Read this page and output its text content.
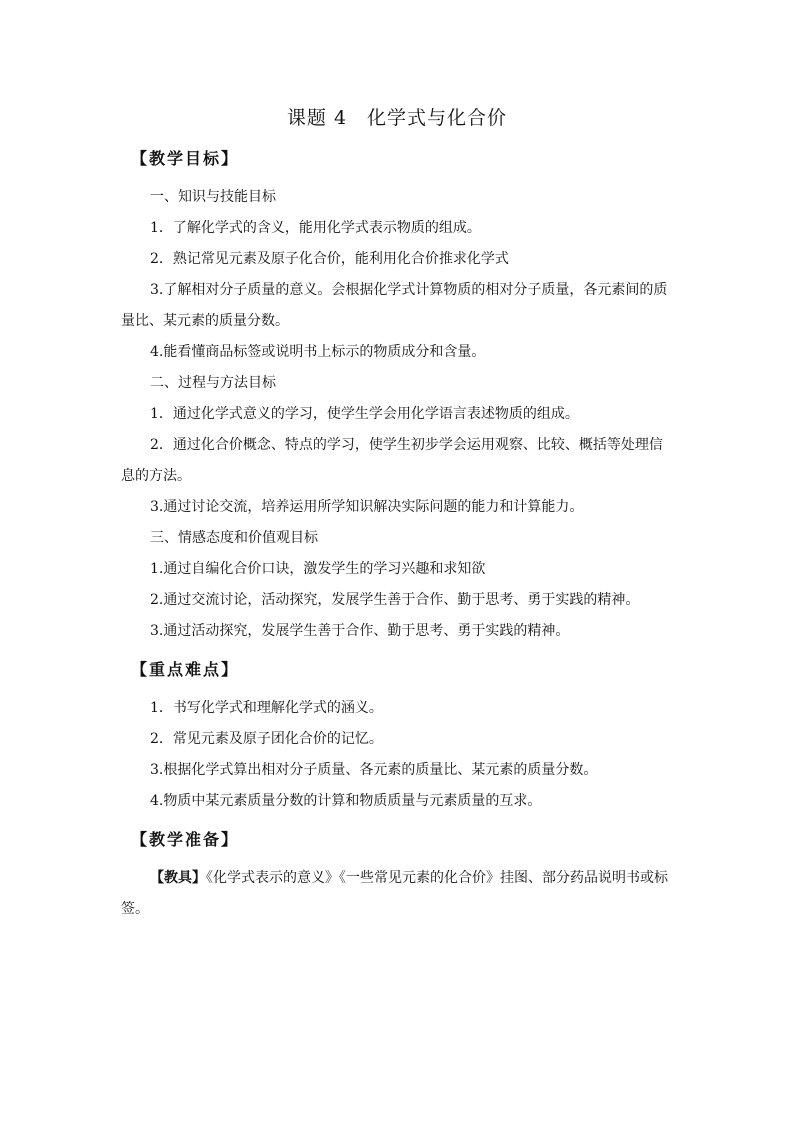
课题 4　化学式与化合价
【教学目标】

一、知识与技能目标

1．了解化学式的含义，能用化学式表示物质的组成。

2．熟记常见元素及原子化合价，能利用化合价推求化学式

3.了解相对分子质量的意义。会根据化学式计算物质的相对分子质量，各元素间的质量比、某元素的质量分数。

4.能看懂商品标签或说明书上标示的物质成分和含量。

二、过程与方法目标

1．通过化学式意义的学习，使学生学会用化学语言表述物质的组成。

2．通过化合价概念、特点的学习，使学生初步学会运用观察、比较、概括等处理信息的方法。

3.通过讨论交流，培养运用所学知识解决实际问题的能力和计算能力。

三、情感态度和价值观目标

1.通过自编化合价口诀，激发学生的学习兴趣和求知欲

2.通过交流讨论，活动探究，发展学生善于合作、勤于思考、勇于实践的精神。

3.通过活动探究，发展学生善于合作、勤于思考、勇于实践的精神。

【重点难点】

1．书写化学式和理解化学式的涵义。

2．常见元素及原子团化合价的记忆。

3.根据化学式算出相对分子质量、各元素的质量比、某元素的质量分数。

4.物质中某元素质量分数的计算和物质质量与元素质量的互求。

【教学准备】

【教具】《化学式表示的意义》《一些常见元素的化合价》挂图、部分药品说明书或标签。
